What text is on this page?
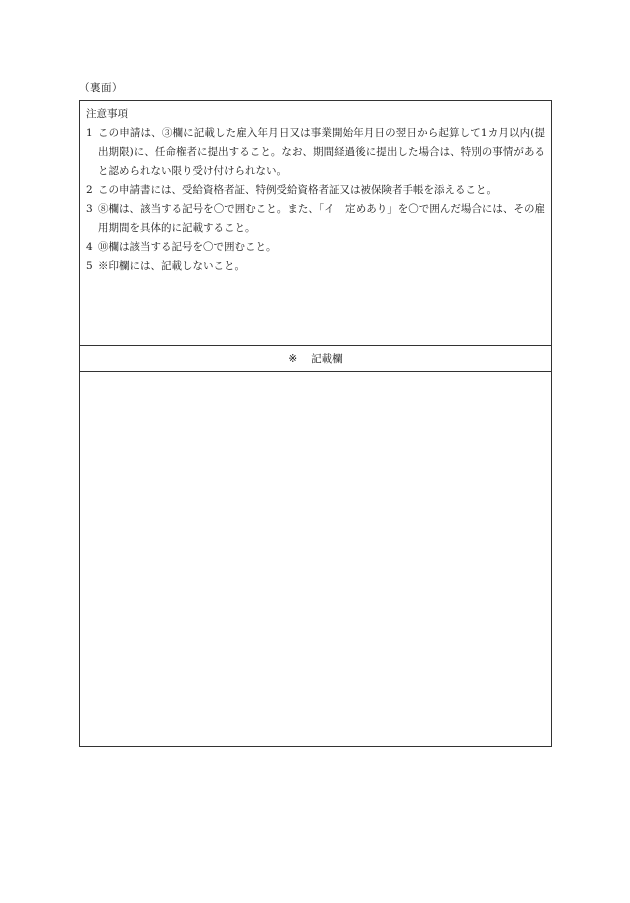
（裏面）
注意事項
1 この申請は、③欄に記載した雇入年月日又は事業開始年月日の翌日から起算して1カ月以内(提出期限)に、任命権者に提出すること。なお、期間経過後に提出した場合は、特別の事情があると認められない限り受け付けられない。
2 この申請書には、受給資格者証、特例受給資格者証又は被保険者手帳を添えること。
3 ⑧欄は、該当する記号を〇で囲むこと。また、「イ　定めあり」を〇で囲んだ場合には、その雇用期間を具体的に記載すること。
4 ⑩欄は該当する記号を〇で囲むこと。
5 ※印欄には、記載しないこと。
※ 記載欄
